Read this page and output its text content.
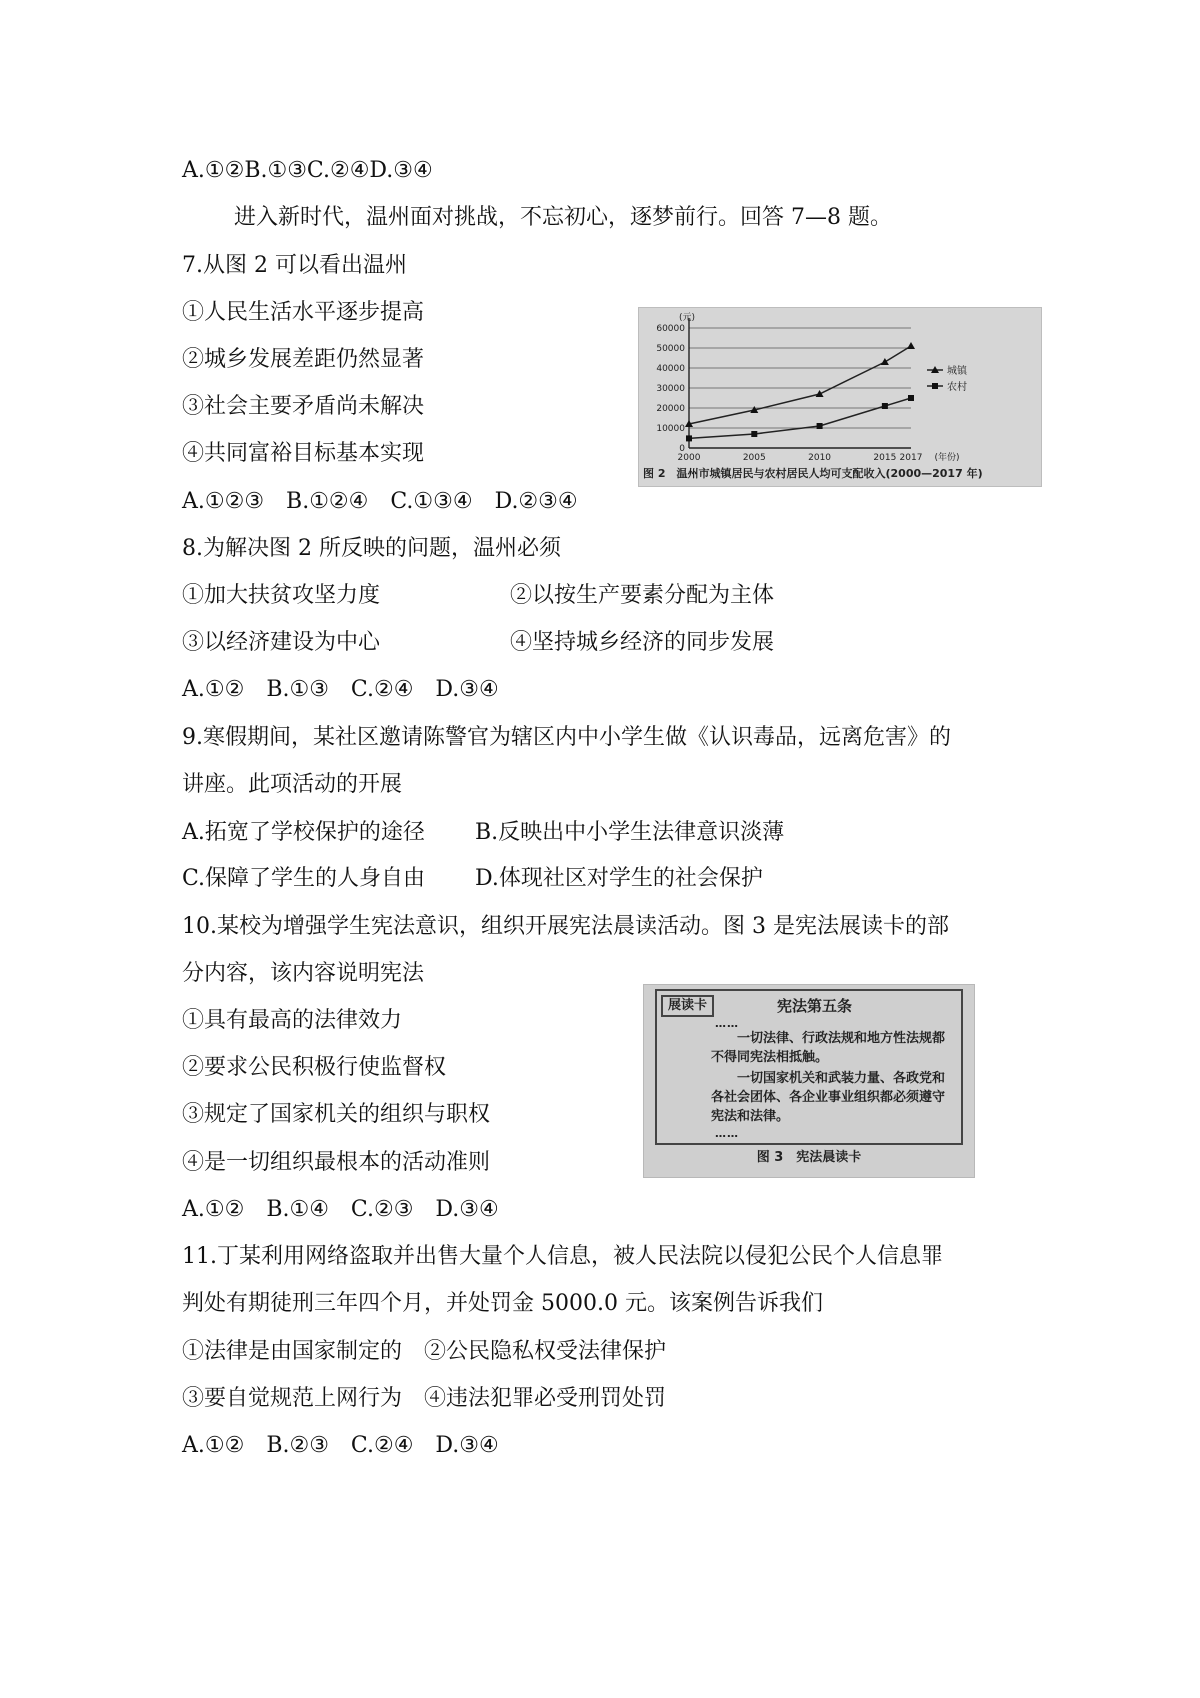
A.①②B.①③C.②④D.③④
进入新时代，温州面对挑战，不忘初心，逐梦前行。回答 7—8 题。
7.从图 2 可以看出温州
①人民生活水平逐步提高
②城乡发展差距仍然显著
③社会主要矛盾尚未解决
④共同富裕目标基本实现
A.①②③　B.①②④　C.①③④　D.②③④
8.为解决图 2 所反映的问题，温州必须
①加大扶贫攻坚力度	②以按生产要素分配为主体
③以经济建设为中心	④坚持城乡经济的同步发展
A.①②　B.①③　C.②④　D.③④
9.寒假期间，某社区邀请陈警官为辖区内中小学生做《认识毒品，远离危害》的
讲座。此项活动的开展
A.拓宽了学校保护的途径 B.反映出中小学生法律意识淡薄
C.保障了学生的人身自由 D.体现社区对学生的社会保护
10.某校为增强学生宪法意识，组织开展宪法晨读活动。图 3 是宪法展读卡的部
分内容，该内容说明宪法
①具有最高的法律效力
②要求公民积极行使监督权
③规定了国家机关的组织与职权
④是一切组织最根本的活动准则
A.①②　B.①④　C.②③　D.③④
11.丁某利用网络盗取并出售大量个人信息，被人民法院以侵犯公民个人信息罪
判处有期徒刑三年四个月，并处罚金 5000.0 元。该案例告诉我们
①法律是由国家制定的　②公民隐私权受法律保护
③要自觉规范上网行为　④违法犯罪必受刑罚处罚
A.①②　B.②③　C.②④　D.③④
0
10000
20000
30000
40000
50000
60000
(元)
2000	2005	2010	2015 2017 (年份)
城镇
农村
图 2　温州市城镇居民与农村居民人均可支配收入(2000—2017 年)
展读卡	宪法第五条
……
一切法律、行政法规和地方性法规都不得同宪法相抵触。
一切国家机关和武装力量、各政党和各社会团体、各企业事业组织都必须遵守宪法和法律。
……
图 3　宪法晨读卡
